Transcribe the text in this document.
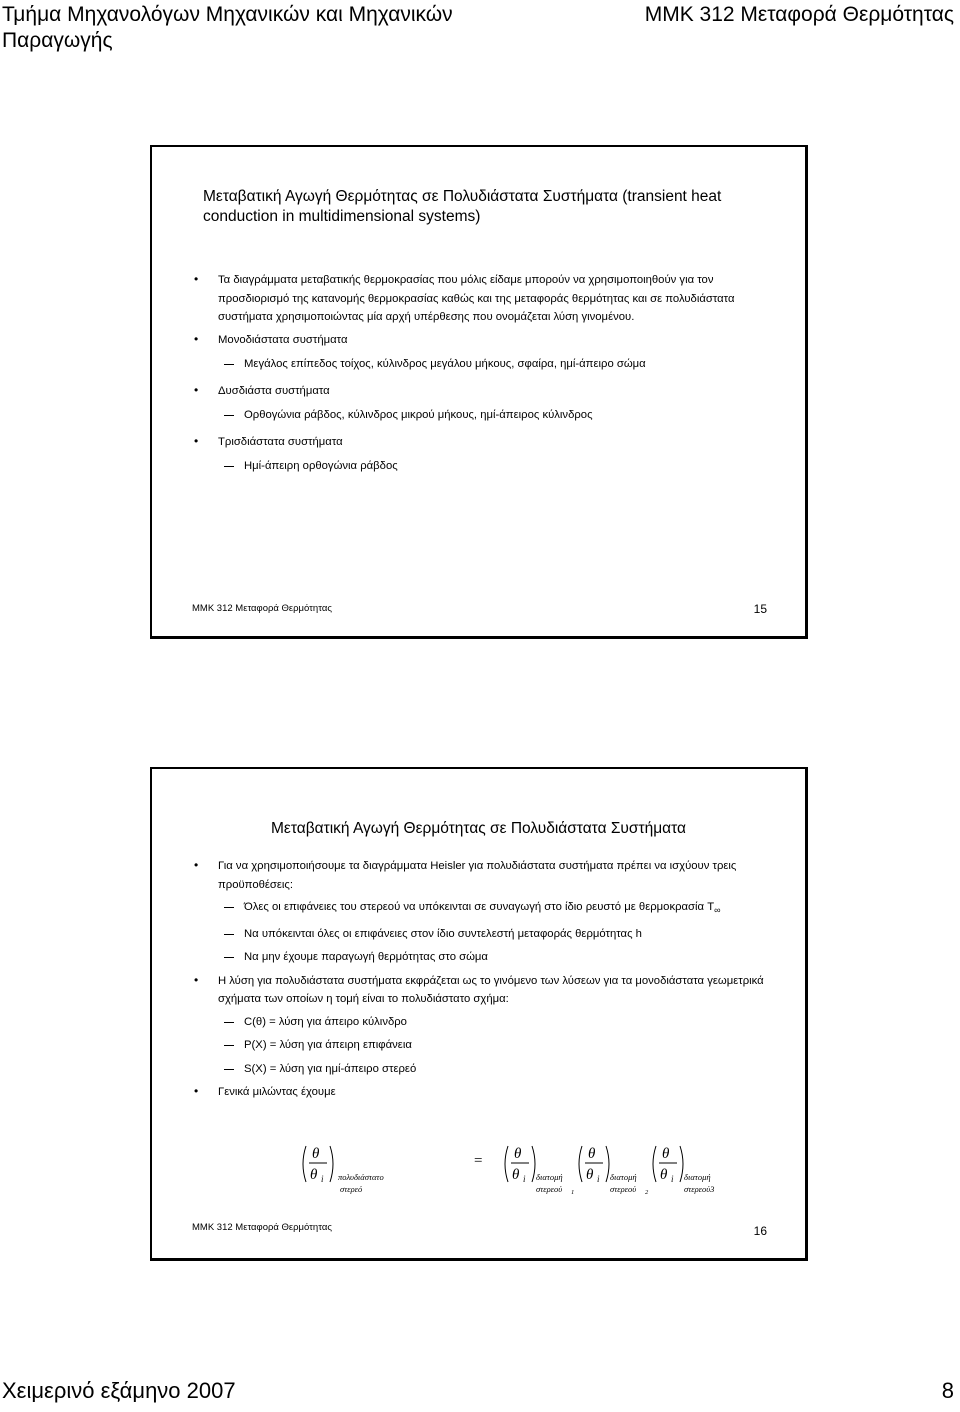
Τμήμα Μηχανολόγων Μηχανικών και Μηχανικών Παραγωγής
ΜΜΚ 312 Μεταφορά Θερμότητας
Μεταβατική Αγωγή Θερμότητας σε Πολυδιάστατα Συστήματα (transient heat conduction in multidimensional systems)
• Τα διαγράμματα μεταβατικής θερμοκρασίας που μόλις είδαμε μπορούν να χρησιμοποιηθούν για τον προσδιορισμό της κατανομής θερμοκρασίας καθώς και της μεταφοράς θερμότητας και σε πολυδιάστατα συστήματα χρησιμοποιώντας μία αρχή υπέρθεσης που ονομάζεται λύση γινομένου.
• Μονοδιάστατα συστήματα
Μεγάλος επίπεδος τοίχος, κύλινδρος μεγάλου μήκους, σφαίρα, ημί-άπειρο σώμα
• Δυσδιάστα συστήματα
Ορθογώνια ράβδος, κύλινδρος μικρού μήκους, ημί-άπειρος κύλινδρος
• Τρισδιάστατα συστήματα
Ημί-άπειρη ορθογώνια ράβδος
ΜΜΚ 312 Μεταφορά Θερμότητας	15
Μεταβατική Αγωγή Θερμότητας σε Πολυδιάστατα Συστήματα
• Για να χρησιμοποιήσουμε τα διαγράμματα Heisler για πολυδιάστατα συστήματα πρέπει να ισχύουν τρεις προϋποθέσεις:
Όλες οι επιφάνειες του στερεού να υπόκεινται σε συναγωγή στο ίδιο ρευστό με θερμοκρασία $T_\infty$
Να υπόκεινται όλες οι επιφάνειες στον ίδιο συντελεστή μεταφοράς θερμότητας h
Να μην έχουμε παραγωγή θερμότητας στο σώμα
• Η λύση για πολυδιάστατα συστήματα εκφράζεται ως το γινόμενο των λύσεων για τα μονοδιάστατα γεωμετρικά σχήματα των οποίων η τομή είναι το πολυδιάστατο σχήμα:
C(θ) = λύση για άπειρο κύλινδρο
P(X) = λύση για άπειρη επιφάνεια
S(X) = λύση για ημί-άπειρο στερεό
• Γενικά μιλώντας έχουμε
θ
θ
θ
θ
θ
θ
θ
θ
i	i	i	i
=
πολυδιάστατο
στερεό
διατομή
στερεού 1
διατομή
στερεού 2
διατομή
στερεού3
ΜΜΚ 312 Μεταφορά Θερμότητας	16
Χειμερινό εξάμηνο 2007	8
